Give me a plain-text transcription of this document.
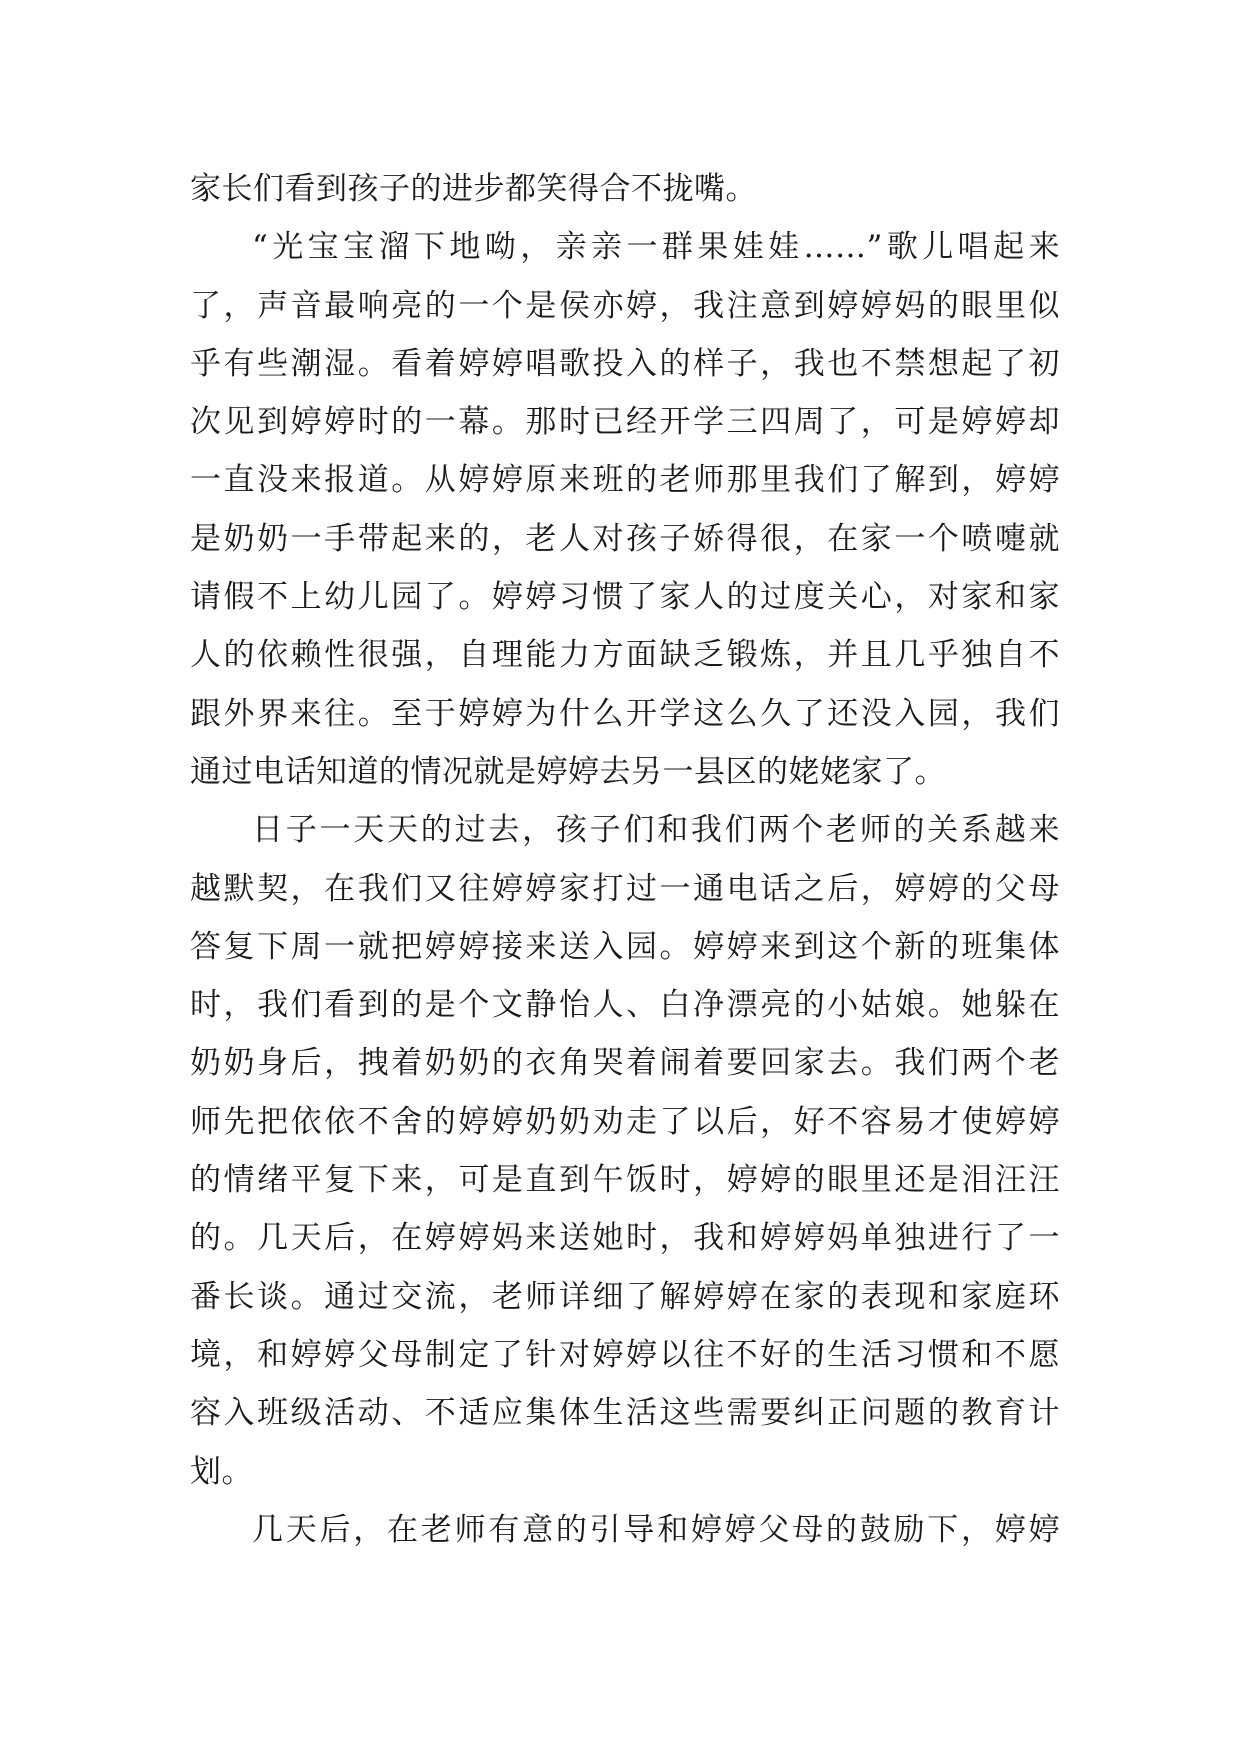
家长们看到孩子的进步都笑得合不拢嘴。
“光宝宝溜下地呦，亲亲一群果娃娃……”歌儿唱起来
了，声音最响亮的一个是侯亦婷，我注意到婷婷妈的眼里似
乎有些潮湿。看着婷婷唱歌投入的样子，我也不禁想起了初
次见到婷婷时的一幕。那时已经开学三四周了，可是婷婷却
一直没来报道。从婷婷原来班的老师那里我们了解到，婷婷
是奶奶一手带起来的，老人对孩子娇得很，在家一个喷嚏就
请假不上幼儿园了。婷婷习惯了家人的过度关心，对家和家
人的依赖性很强，自理能力方面缺乏锻炼，并且几乎独自不
跟外界来往。至于婷婷为什么开学这么久了还没入园，我们
通过电话知道的情况就是婷婷去另一县区的姥姥家了。
日子一天天的过去，孩子们和我们两个老师的关系越来
越默契，在我们又往婷婷家打过一通电话之后，婷婷的父母
答复下周一就把婷婷接来送入园。婷婷来到这个新的班集体
时，我们看到的是个文静怡人、白净漂亮的小姑娘。她躲在
奶奶身后，拽着奶奶的衣角哭着闹着要回家去。我们两个老
师先把依依不舍的婷婷奶奶劝走了以后，好不容易才使婷婷
的情绪平复下来，可是直到午饭时，婷婷的眼里还是泪汪汪
的。几天后，在婷婷妈来送她时，我和婷婷妈单独进行了一
番长谈。通过交流，老师详细了解婷婷在家的表现和家庭环
境，和婷婷父母制定了针对婷婷以往不好的生活习惯和不愿
容入班级活动、不适应集体生活这些需要纠正问题的教育计
划。
几天后，在老师有意的引导和婷婷父母的鼓励下，婷婷
